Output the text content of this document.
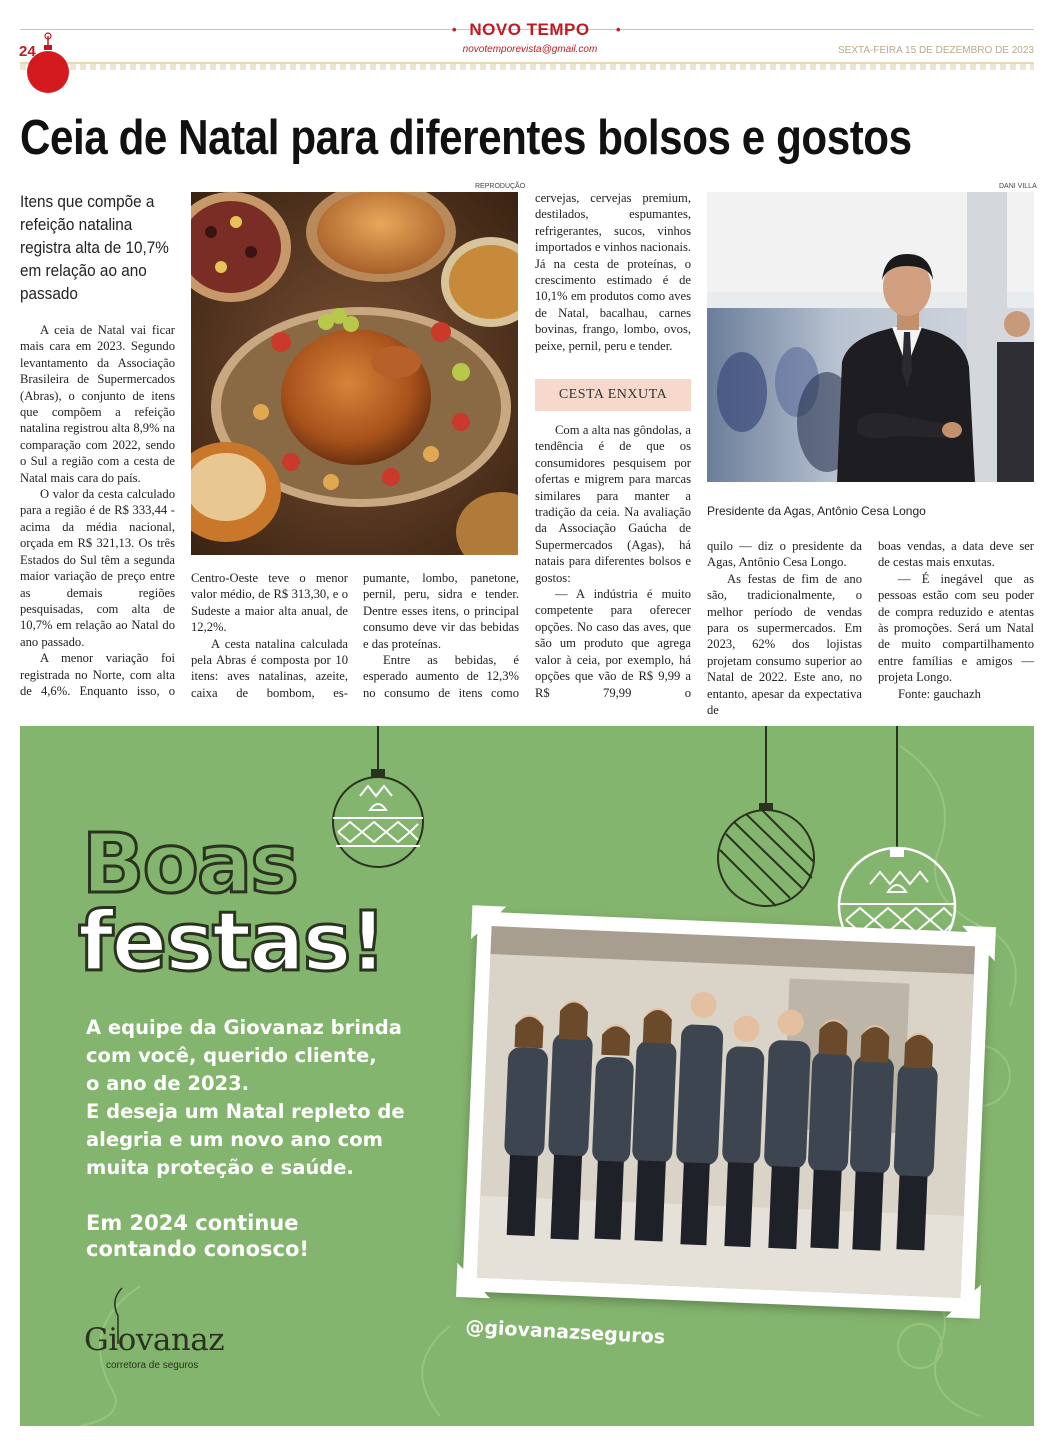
24
• NOVO TEMPO •
novotemporevista@gmail.com	SEXTA-FEIRA 15 DE DEZEMBRO DE 2023
Ceia de Natal para diferentes bolsos e gostos
Itens que compõe a refeição natalina registra alta de 10,7% em relação ao ano passado

A ceia de Natal vai ficar mais cara em 2023. Segundo levantamento da Associação Brasileira de Supermercados (Abras), o conjunto de itens que compõem a refeição natalina registrou alta 8,9% na comparação com 2022, sendo o Sul a região com a cesta de Natal mais cara do país.

O valor da cesta calculado para a região é de R$ 333,44 - acima da média nacional, orçada em R$ 321,13. Os três Estados do Sul têm a segunda maior variação de preço entre as demais regiões pesquisadas, com alta de 10,7% em relação ao Natal do ano passado.

A menor variação foi registrada no Norte, com alta de 4,6%. Enquanto isso, o

REPRODUÇÃO

Centro-Oeste teve o menor valor médio, de R$ 313,30, e o Sudeste a maior alta anual, de 12,2%.

A cesta natalina calculada pela Abras é composta por 10 itens: aves natalinas, azeite, caixa de bombom, es-

pumante, lombo, panetone, pernil, peru, sidra e tender. Dentre esses itens, o principal consumo deve vir das bebidas e das proteínas.

Entre as bebidas, é esperado aumento de 12,3% no consumo de itens como

cervejas, cervejas premium, destilados, espumantes, refrigerantes, sucos, vinhos importados e vinhos nacionais. Já na cesta de proteínas, o crescimento estimado é de 10,1% em produtos como aves de Natal, bacalhau, carnes bovinas, frango, lombo, ovos, peixe, pernil, peru e tender.

CESTA ENXUTA

Com a alta nas gôndolas, a tendência é de que os consumidores pesquisem por ofertas e migrem para marcas similares para manter a tradição da ceia. Na avaliação da Associação Gaúcha de Supermercados (Agas), há natais para diferentes bolsos e gostos:

— A indústria é muito competente para oferecer opções. No caso das aves, que são um produto que agrega valor à ceia, por exemplo, há opções que vão de R$ 9,99 a R$ 79,99 o

DANI VILLA
Presidente da Agas, Antônio Cesa Longo

quilo — diz o presidente da Agas, Antônio Cesa Longo.

As festas de fim de ano são, tradicionalmente, o melhor período de vendas para os supermercados. Em 2023, 62% dos lojistas projetam consumo superior ao Natal de 2022. Este ano, no entanto, apesar da expectativa de

boas vendas, a data deve ser de cestas mais enxutas.

— É inegável que as pessoas estão com seu poder de compra reduzido e atentas às promoções. Será um Natal de muito compartilhamento entre famílias e amigos — projeta Longo.

Fonte: gauchazh

Boas
festas!
A equipe da Giovanaz brinda
com você, querido cliente,
o ano de 2023.
E deseja um Natal repleto de
alegria e um novo ano com
muita proteção e saúde.
Em 2024 continue
contando conosco!
Giovanaz
corretora de seguros
@giovanazseguros
